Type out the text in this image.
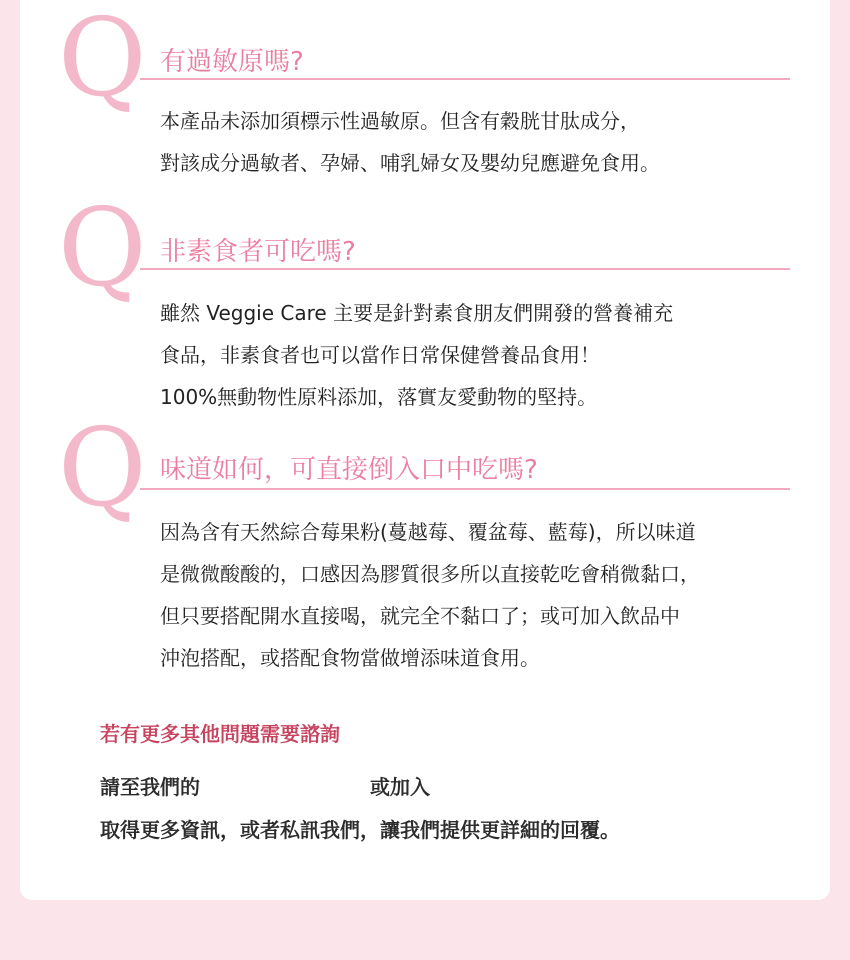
Q 有過敏原嗎?

本產品未添加須標示性過敏原。但含有穀胱甘肽成分，

對該成分過敏者、孕婦、哺乳婦女及嬰幼兒應避免食用。

Q 非素食者可吃嗎?

雖然 Veggie Care 主要是針對素食朋友們開發的營養補充

食品，非素食者也可以當作日常保健營養品食用！

100%無動物性原料添加，落實友愛動物的堅持。

Q 味道如何，可直接倒入口中吃嗎?

因為含有天然綜合莓果粉(蔓越莓、覆盆莓、藍莓)，所以味道

是微微酸酸的，口感因為膠質很多所以直接乾吃會稍微黏口，

但只要搭配開水直接喝，就完全不黏口了；或可加入飲品中

沖泡搭配，或搭配食物當做增添味道食用。

若有更多其他問題需要諮詢
請至我們的	或加入
取得更多資訊，或者私訊我們，讓我們提供更詳細的回覆。
